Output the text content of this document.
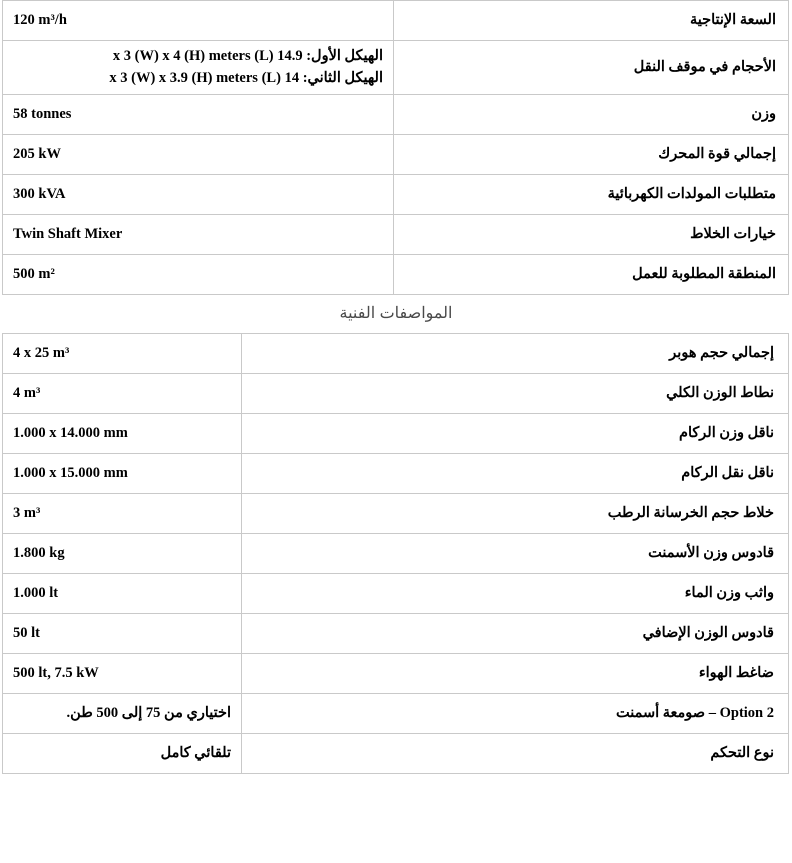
السعة الإنتاجية	120 m³/h
الأحجام في موقف النقل	الهيكل الأول: 14.9 (L) x 3 (W) x 4 (H) meters
الهيكل الثاني: 14 (L) x 3 (W) x 3.9 (H) meters

وزن	58 tonnes
إجمالي قوة المحرك	205 kW
متطلبات المولدات الكهربائية	300 kVA
خيارات الخلاط	Twin Shaft Mixer
المنطقة المطلوبة للعمل	500 m²
المواصفات الفنية
إجمالي حجم هوبر	4 x 25 m³
نطاط الوزن الكلي	4 m³
ناقل وزن الركام	1.000 x 14.000 mm
ناقل نقل الركام	1.000 x 15.000 mm
خلاط حجم الخرسانة الرطب	3 m³
قادوس وزن الأسمنت	1.800 kg
واثب وزن الماء	1.000 lt
قادوس الوزن الإضافي	50 lt
ضاغط الهواء	500 lt, 7.5 kW
Option 2 – صومعة أسمنت	اختياري من 75 إلى 500 طن.
نوع التحكم	تلقائي كامل
